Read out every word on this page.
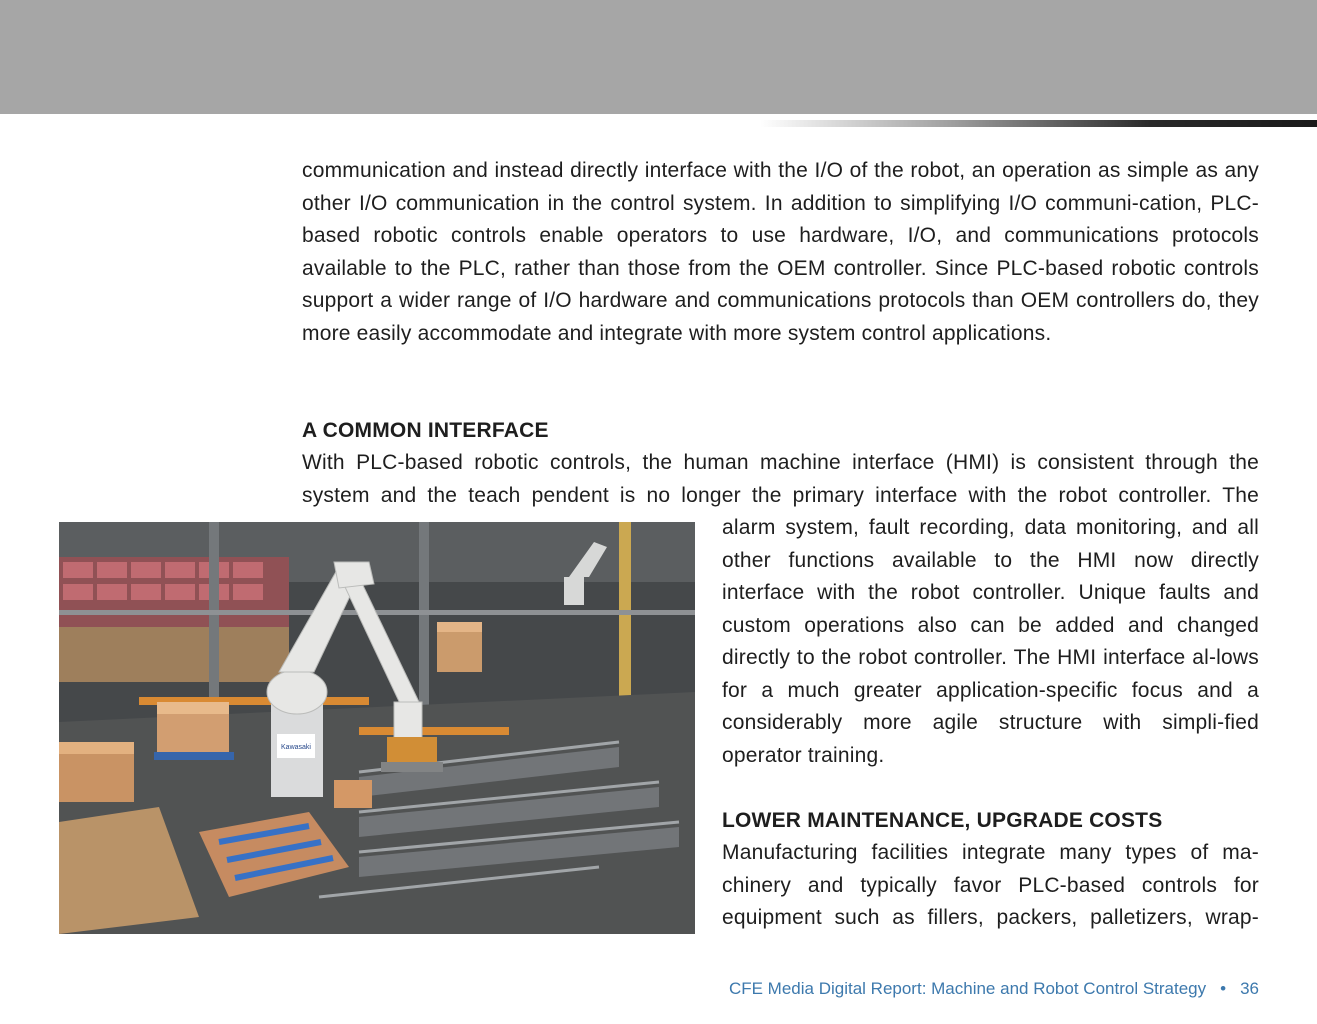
communication and instead directly interface with the I/O of the robot, an operation as simple as any other I/O communication in the control system. In addition to simplifying I/O communi-cation, PLC-based robotic controls enable operators to use hardware, I/O, and communications protocols available to the PLC, rather than those from the OEM controller. Since PLC-based robotic controls support a wider range of I/O hardware and communications protocols than OEM controllers do, they more easily accommodate and integrate with more system control applications.

A COMMON INTERFACE

With PLC-based robotic controls, the human machine interface (HMI) is consistent through the system and the teach pendent is no longer the primary interface with the robot controller. The

Kawasaki

alarm system, fault recording, data monitoring, and all other functions available to the HMI now directly interface with the robot controller. Unique faults and custom operations also can be added and changed directly to the robot controller. The HMI interface al-lows for a much greater application-specific focus and a considerably more agile structure with simpli-fied operator training.

LOWER MAINTENANCE, UPGRADE COSTS

Manufacturing facilities integrate many types of ma-chinery and typically favor PLC-based controls for equipment such as fillers, packers, palletizers, wrap-

CFE Media Digital Report: Machine and Robot Control Strategy • 36
